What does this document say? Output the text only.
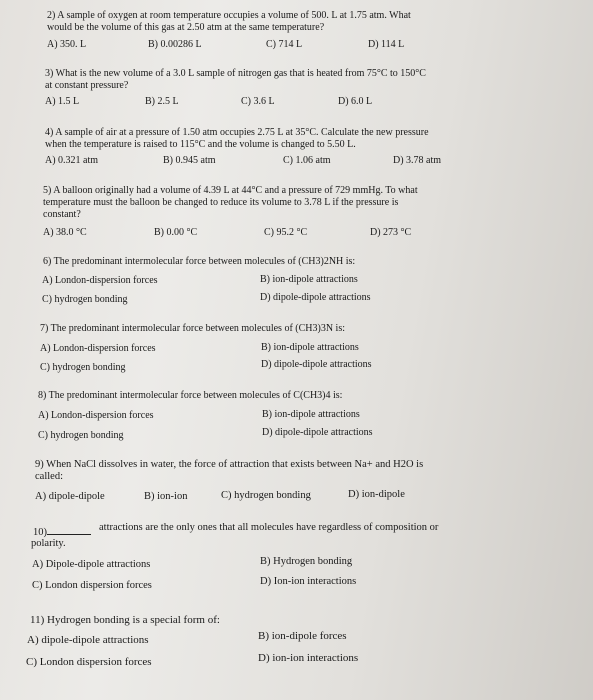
2) A sample of oxygen at room temperature occupies a volume of 500. L at 1.75 atm. What
would be the volume of this gas at 2.50 atm at the same temperature?
A) 350. L	B) 0.00286 L	C) 714 L	D) 114 L
3) What is the new volume of a 3.0 L sample of nitrogen gas that is heated from 75°C to 150°C
at constant pressure?
A) 1.5 L	B) 2.5 L	C) 3.6 L	D) 6.0 L
4) A sample of air at a pressure of 1.50 atm occupies 2.75 L at 35°C. Calculate the new pressure
when the temperature is raised to 115°C and the volume is changed to 5.50 L.
A) 0.321 atm	B) 0.945 atm	C) 1.06 atm	D) 3.78 atm
5) A balloon originally had a volume of 4.39 L at 44°C and a pressure of 729 mmHg. To what
temperature must the balloon be changed to reduce its volume to 3.78 L if the pressure is
constant?
A) 38.0 °C	B) 0.00 °C	C) 95.2 °C	D) 273 °C
6) The predominant intermolecular force between molecules of (CH3)2NH is:
A) London-dispersion forces	B) ion-dipole attractions
C) hydrogen bonding	D) dipole-dipole attractions
7) The predominant intermolecular force between molecules of (CH3)3N is:
A) London-dispersion forces	B) ion-dipole attractions
C) hydrogen bonding	D) dipole-dipole attractions
8) The predominant intermolecular force between molecules of C(CH3)4 is:
A) London-dispersion forces	B) ion-dipole attractions
C) hydrogen bonding	D) dipole-dipole attractions
9) When NaCl dissolves in water, the force of attraction that exists between Na+ and H2O is
called:
A) dipole-dipole	B) ion-ion	C) hydrogen bonding	D) ion-dipole
10)	attractions are the only ones that all molecules have regardless of composition or
polarity.
A) Dipole-dipole attractions	B) Hydrogen bonding
C) London dispersion forces	D) Ion-ion interactions
11) Hydrogen bonding is a special form of:
A) dipole-dipole attractions	B) ion-dipole forces
C) London dispersion forces	D) ion-ion interactions
